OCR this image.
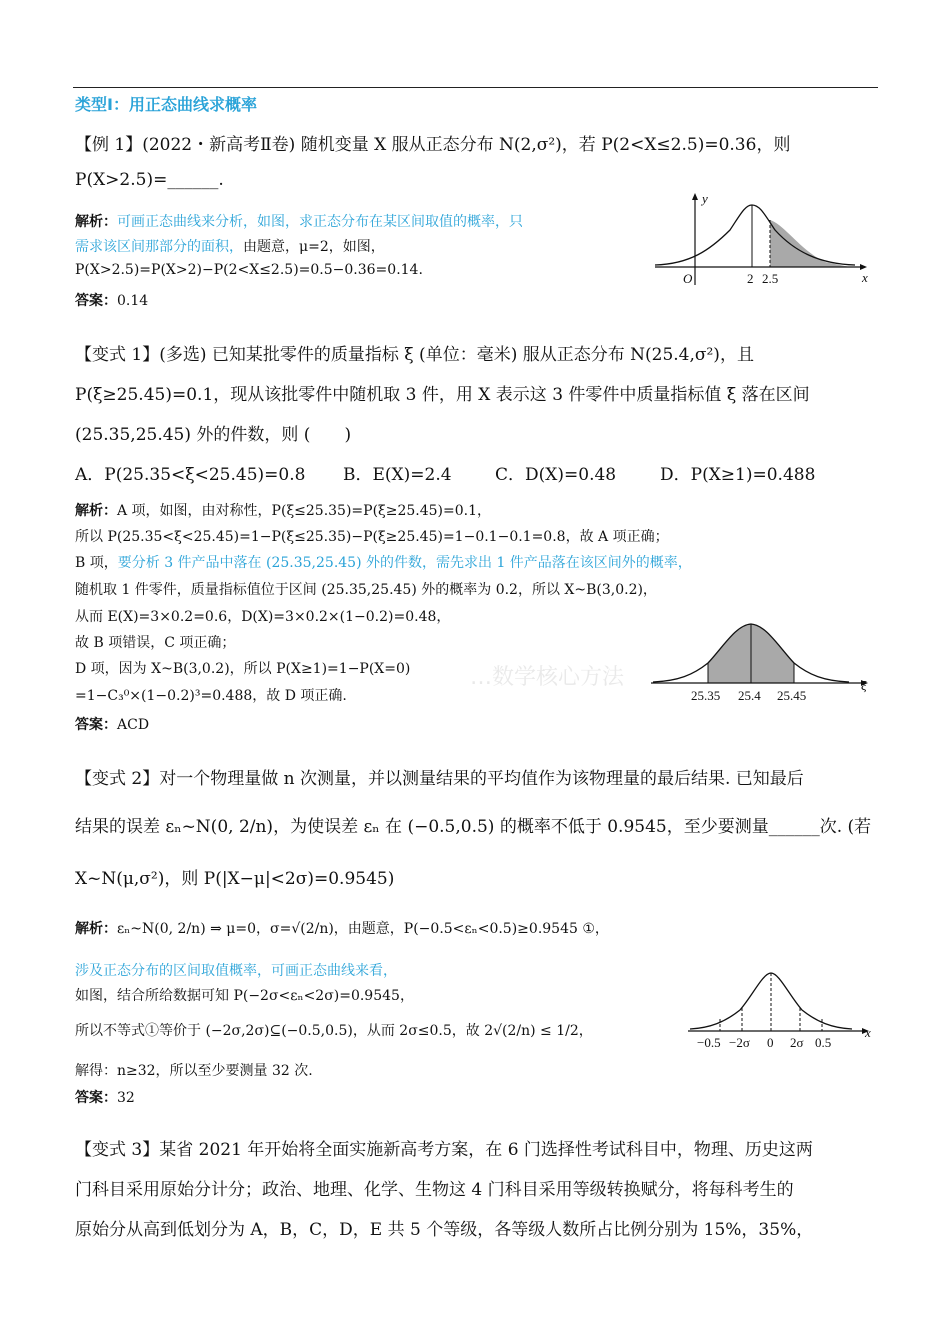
类型Ⅰ：用正态曲线求概率
【例 1】(2022・新高考Ⅱ卷) 随机变量 X 服从正态分布 N(2,σ²)，若 P(2<X≤2.5)=0.36，则
P(X>2.5)=______.
解析：可画正态曲线来分析，如图，求正态分布在某区间取值的概率，只
需求该区间那部分的面积，由题意，μ=2，如图，
P(X>2.5)=P(X>2)−P(2<X≤2.5)=0.5−0.36=0.14.
答案：0.14
y
x
O	2 2.5
【变式 1】(多选) 已知某批零件的质量指标 ξ (单位：毫米) 服从正态分布 N(25.4,σ²)，且
P(ξ≥25.45)=0.1，现从该批零件中随机取 3 件，用 X 表示这 3 件零件中质量指标值 ξ 落在区间
(25.35,25.45) 外的件数，则 (　　)
A．P(25.35<ξ<25.45)=0.8 B．E(X)=2.4	C．D(X)=0.48	D．P(X≥1)=0.488
解析：A 项，如图，由对称性，P(ξ≤25.35)=P(ξ≥25.45)=0.1，
所以 P(25.35<ξ<25.45)=1−P(ξ≤25.35)−P(ξ≥25.45)=1−0.1−0.1=0.8，故 A 项正确；
B 项，要分析 3 件产品中落在 (25.35,25.45) 外的件数，需先求出 1 件产品落在该区间外的概率，
随机取 1 件零件，质量指标值位于区间 (25.35,25.45) 外的概率为 0.2，所以 X~B(3,0.2)，
从而 E(X)=3×0.2=0.6，D(X)=3×0.2×(1−0.2)=0.48，
故 B 项错误，C 项正确；
D 项，因为 X~B(3,0.2)，所以 P(X≥1)=1−P(X=0)
=1−C₃⁰×(1−0.2)³=0.488，故 D 项正确.
答案：ACD
…数学核心方法
25.35 25.4 25.45
ξ
【变式 2】对一个物理量做 n 次测量，并以测量结果的平均值作为该物理量的最后结果. 已知最后
结果的误差 εₙ~N(0, 2/n)，为使误差 εₙ 在 (−0.5,0.5) 的概率不低于 0.9545，至少要测量______次. (若
X~N(μ,σ²)，则 P(|X−μ|<2σ)=0.9545)
解析：εₙ~N(0, 2/n) ⇒ μ=0，σ=√(2/n)，由题意，P(−0.5<εₙ<0.5)≥0.9545 ①，
涉及正态分布的区间取值概率，可画正态曲线来看，
如图，结合所给数据可知 P(−2σ<εₙ<2σ)=0.9545，
所以不等式①等价于 (−2σ,2σ)⊆(−0.5,0.5)，从而 2σ≤0.5，故 2√(2/n) ≤ 1/2，
解得：n≥32，所以至少要测量 32 次.
答案：32
−0.5 −2σ 0 2σ 0.5
x
【变式 3】某省 2021 年开始将全面实施新高考方案，在 6 门选择性考试科目中，物理、历史这两
门科目采用原始分计分；政治、地理、化学、生物这 4 门科目采用等级转换赋分，将每科考生的
原始分从高到低划分为 A，B，C，D，E 共 5 个等级，各等级人数所占比例分别为 15%，35%，
